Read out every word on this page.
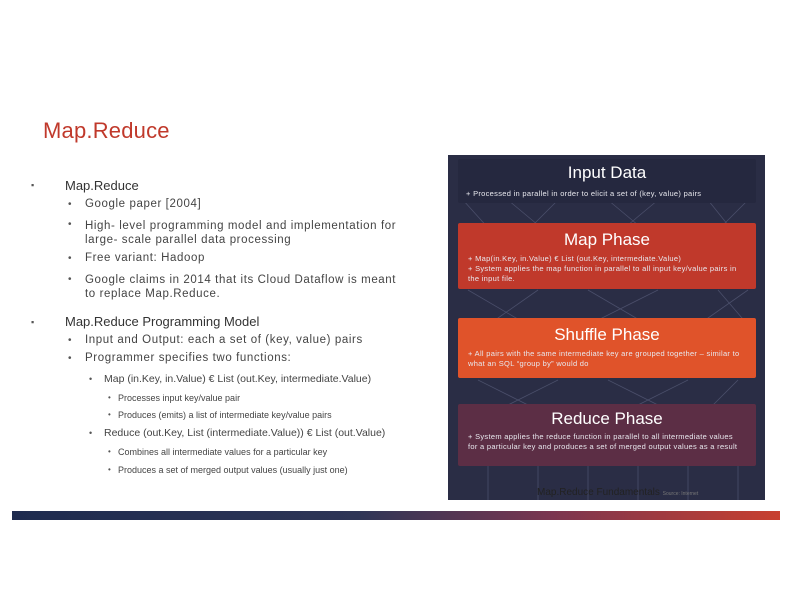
Map.Reduce
▪ Map.Reduce
• Google paper [2004]
• High- level programming model and implementation for large- scale parallel data processing
• Free variant: Hadoop
• Google claims in 2014 that its Cloud Dataflow is meant to replace Map.Reduce.
▪ Map.Reduce Programming Model
• Input and Output: each a set of (key, value) pairs
• Programmer specifies two functions:
• Map (in.Key, in.Value) € List (out.Key, intermediate.Value)
• Processes input key/value pair
• Produces (emits) a list of intermediate key/value pairs
• Reduce (out.Key, List (intermediate.Value)) € List (out.Value)
• Combines all intermediate values for a particular key
• Produces a set of merged output values (usually just one)
Input Data
+ Processed in parallel in order to elicit a set of (key, value) pairs
Map Phase
+ Map(in.Key, in.Value) € List (out.Key, intermediate.Value)
+ System applies the map function in parallel to all input key/value pairs in the input file.
Shuffle Phase
+ All pairs with the same intermediate key are grouped together – similar to what an SQL “group by” would do
Reduce Phase
+ System applies the reduce function in parallel to all intermediate values for a particular key and produces a set of merged output values as a result
Map.Reduce Fundamentals Source: Internet
